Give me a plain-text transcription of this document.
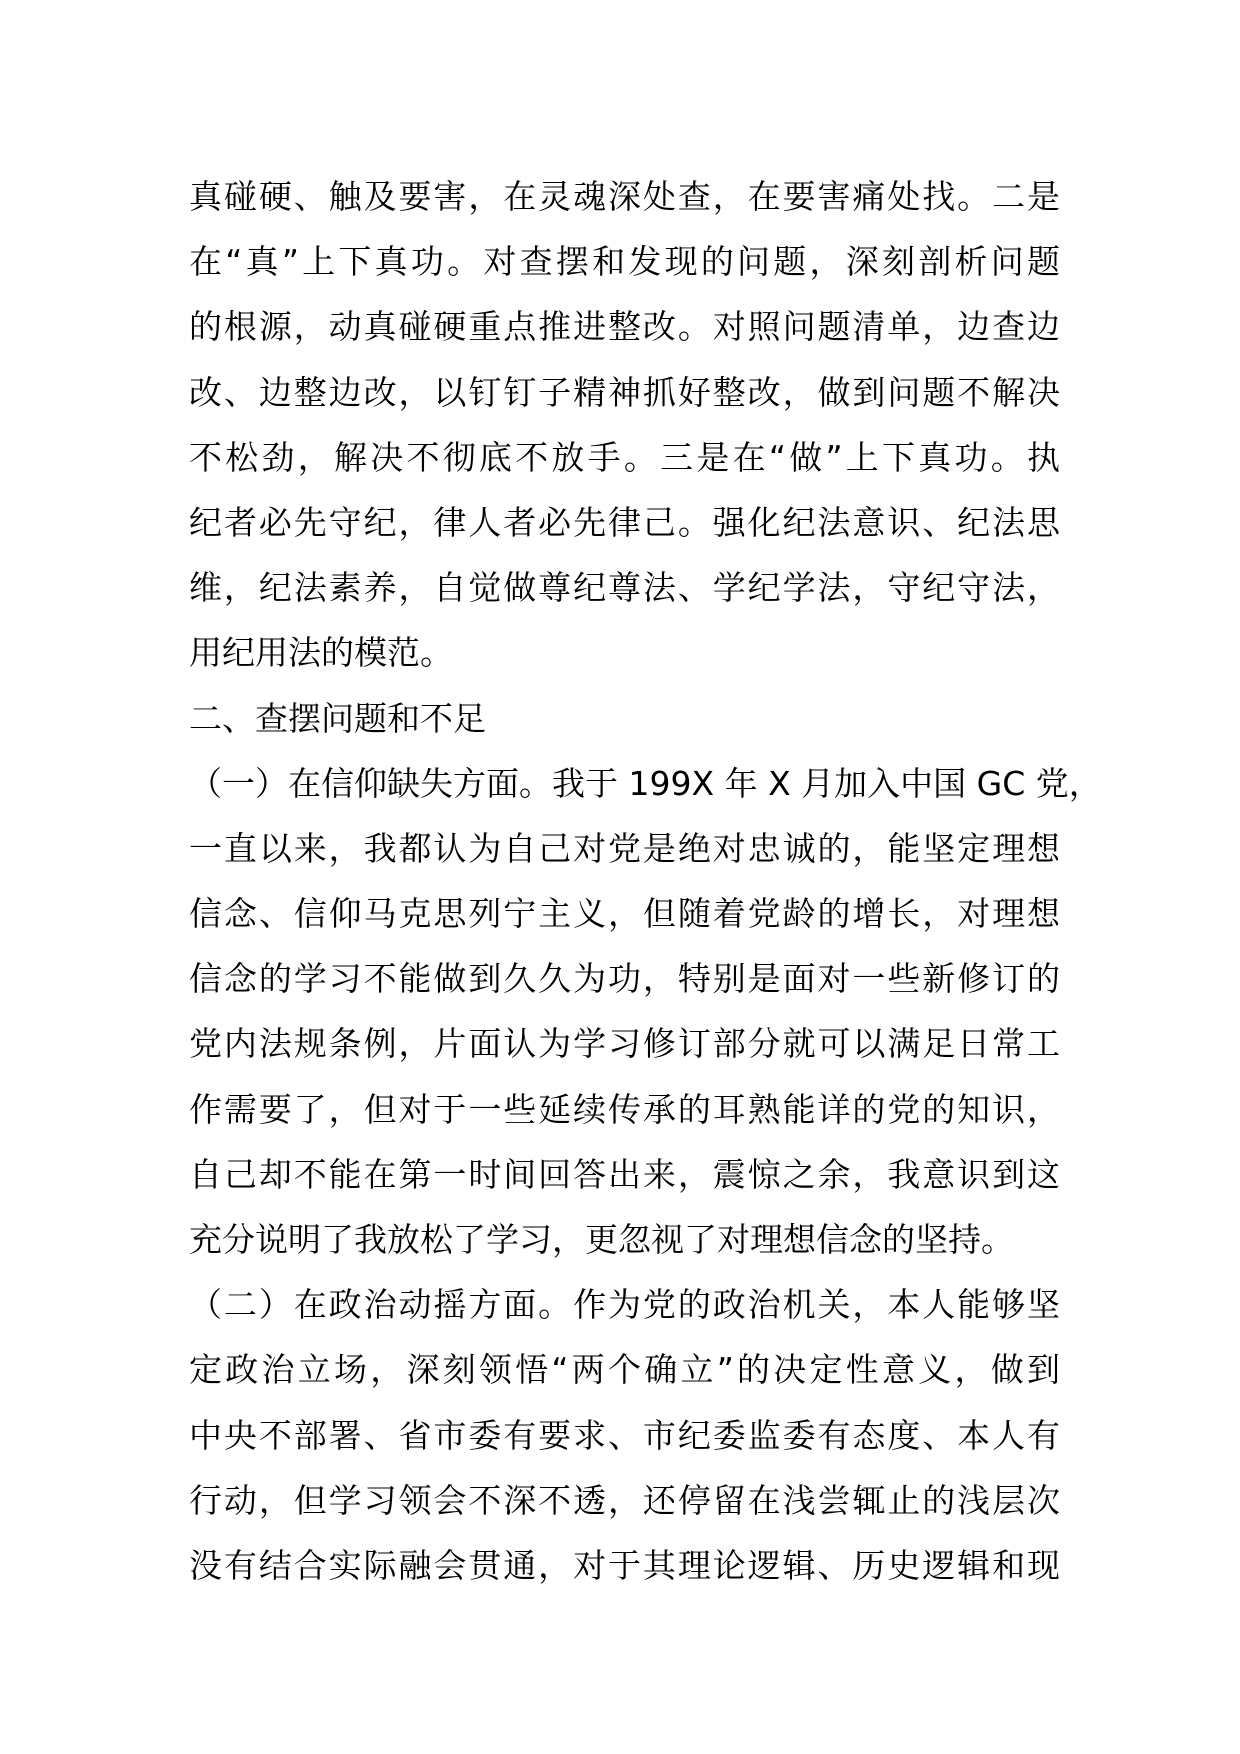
真碰硬、触及要害，在灵魂深处查，在要害痛处找。二是
在“真”上下真功。对查摆和发现的问题，深刻剖析问题
的根源，动真碰硬重点推进整改。对照问题清单，边查边
改、边整边改，以钉钉子精神抓好整改，做到问题不解决
不松劲，解决不彻底不放手。三是在“做”上下真功。执
纪者必先守纪，律人者必先律己。强化纪法意识、纪法思
维，纪法素养，自觉做尊纪尊法、学纪学法，守纪守法，
用纪用法的模范。
二、查摆问题和不足
（一）在信仰缺失方面。我于 199X 年 X 月加入中国 GC 党，
一直以来，我都认为自己对党是绝对忠诚的，能坚定理想
信念、信仰马克思列宁主义，但随着党龄的增长，对理想
信念的学习不能做到久久为功，特别是面对一些新修订的
党内法规条例，片面认为学习修订部分就可以满足日常工
作需要了，但对于一些延续传承的耳熟能详的党的知识，
自己却不能在第一时间回答出来，震惊之余，我意识到这
充分说明了我放松了学习，更忽视了对理想信念的坚持。
（二）在政治动摇方面。作为党的政治机关，本人能够坚
定政治立场，深刻领悟“两个确立”的决定性意义，做到
中央不部署、省市委有要求、市纪委监委有态度、本人有
行动，但学习领会不深不透，还停留在浅尝辄止的浅层次
没有结合实际融会贯通，对于其理论逻辑、历史逻辑和现
